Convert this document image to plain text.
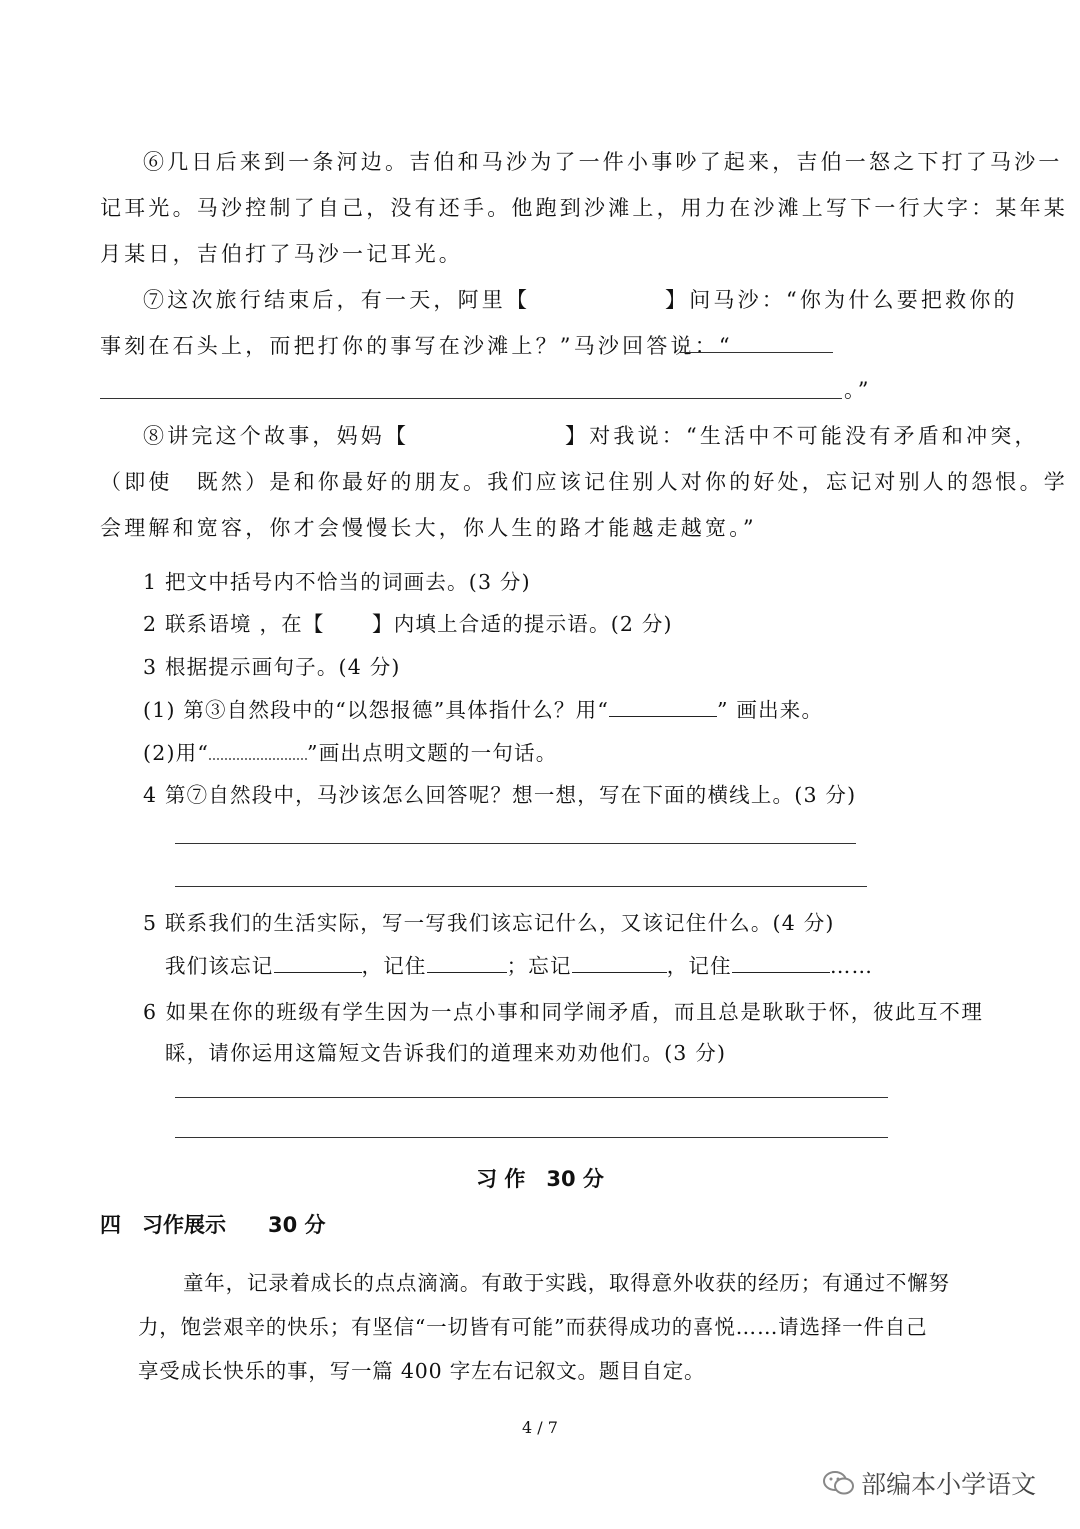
⑥几日后来到一条河边。吉伯和马沙为了一件小事吵了起来，吉伯一怒之下打了马沙一
记耳光。马沙控制了自己，没有还手。他跑到沙滩上，用力在沙滩上写下一行大字：某年某
月某日，吉伯打了马沙一记耳光。
⑦这次旅行结束后，有一天，阿里【	】问马沙：“你为什么要把救你的
事刻在石头上，而把打你的事写在沙滩上？”马沙回答说：“
。”
⑧讲完这个故事，妈妈【	】对我说：“生活中不可能没有矛盾和冲突，
（即使　既然）是和你最好的朋友。我们应该记住别人对你的好处，忘记对别人的怨恨。学
会理解和宽容，你才会慢慢长大，你人生的路才能越走越宽。”
1 把文中括号内不恰当的词画去。(3 分)
2 联系语境 ，在【 】内填上合适的提示语。(2 分)
3 根据提示画句子。(4 分)
(1) 第③自然段中的“以怨报德”具体指什么？用“	” 画出来。
(2)用“	”画出点明文题的一句话。
4 第⑦自然段中，马沙该怎么回答呢？想一想，写在下面的横线上。(3 分)
5 联系我们的生活实际，写一写我们该忘记什么，又该记住什么。(4 分)
我们该忘记	，记住	；忘记	，记住	……
6 如果在你的班级有学生因为一点小事和同学闹矛盾，而且总是耿耿于怀，彼此互不理
睬，请你运用这篇短文告诉我们的道理来劝劝他们。(3 分)
习 作　30 分
四　习作展示　　30 分
童年，记录着成长的点点滴滴。有敢于实践，取得意外收获的经历；有通过不懈努
力，饱尝艰辛的快乐；有坚信“一切皆有可能”而获得成功的喜悦……请选择一件自己
享受成长快乐的事，写一篇 400 字左右记叙文。题目自定。
4 / 7
部编本小学语文
